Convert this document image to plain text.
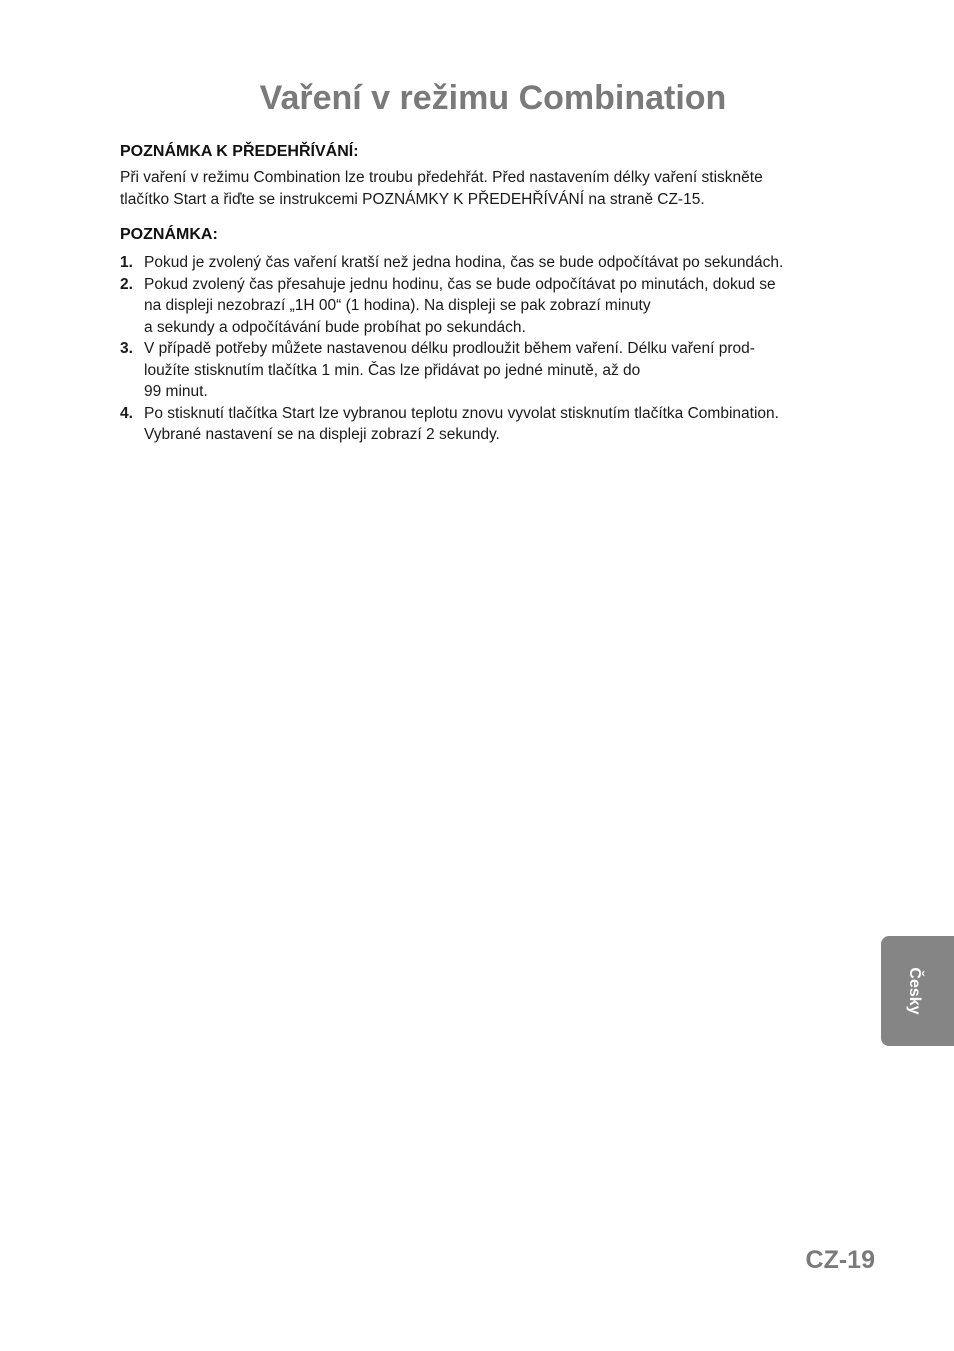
Vaření v režimu Combination

POZNÁMKA K PŘEDEHŘÍVÁNÍ:

Při vaření v režimu Combination lze troubu předehřát. Před nastavením délky vaření stiskněte
tlačítko Start a řiďte se instrukcemi POZNÁMKY K PŘEDEHŘÍVÁNÍ na straně CZ-15.

POZNÁMKA:

1. Pokud je zvolený čas vaření kratší než jedna hodina, čas se bude odpočítávat po sekundách.
2. Pokud zvolený čas přesahuje jednu hodinu, čas se bude odpočítávat po minutách, dokud se
na displeji nezobrazí „1H 00“ (1 hodina). Na displeji se pak zobrazí minuty
a sekundy a odpočítávání bude probíhat po sekundách.
3. V případě potřeby můžete nastavenou délku prodloužit během vaření. Délku vaření prod-
loužíte stisknutím tlačítka 1 min. Čas lze přidávat po jedné minutě, až do
99 minut.
4. Po stisknutí tlačítka Start lze vybranou teplotu znovu vyvolat stisknutím tlačítka Combination.
Vybrané nastavení se na displeji zobrazí 2 sekundy.
Česky
CZ-19
